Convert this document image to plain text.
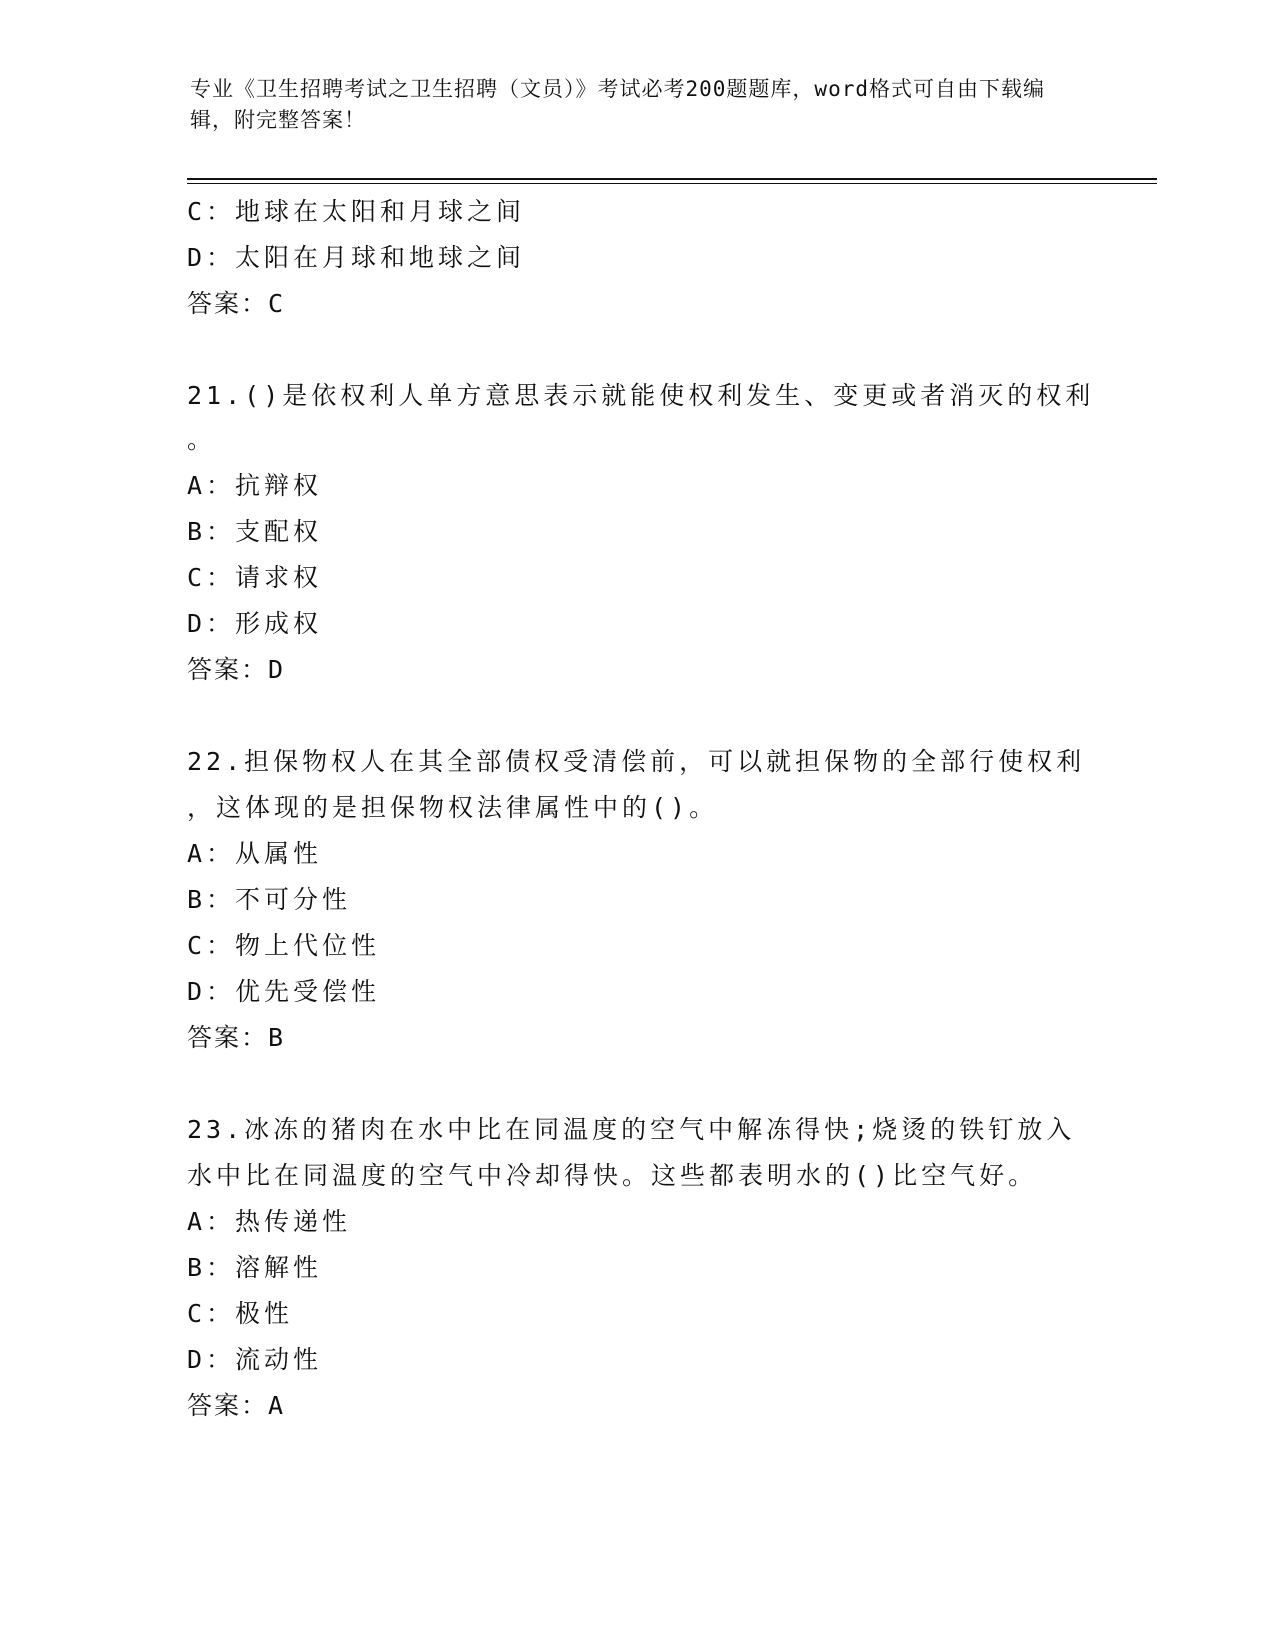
专业《卫生招聘考试之卫生招聘（文员）》考试必考200题题库，word格式可自由下载编辑，附完整答案！
C：地球在太阳和月球之间
D：太阳在月球和地球之间
答案：C
21.()是依权利人单方意思表示就能使权利发生、变更或者消灭的权利
。
A：抗辩权
B：支配权
C：请求权
D：形成权
答案：D
22.担保物权人在其全部债权受清偿前，可以就担保物的全部行使权利
，这体现的是担保物权法律属性中的()。
A：从属性
B：不可分性
C：物上代位性
D：优先受偿性
答案：B
23.冰冻的猪肉在水中比在同温度的空气中解冻得快;烧烫的铁钉放入
水中比在同温度的空气中冷却得快。这些都表明水的()比空气好。
A：热传递性
B：溶解性
C：极性
D：流动性
答案：A
